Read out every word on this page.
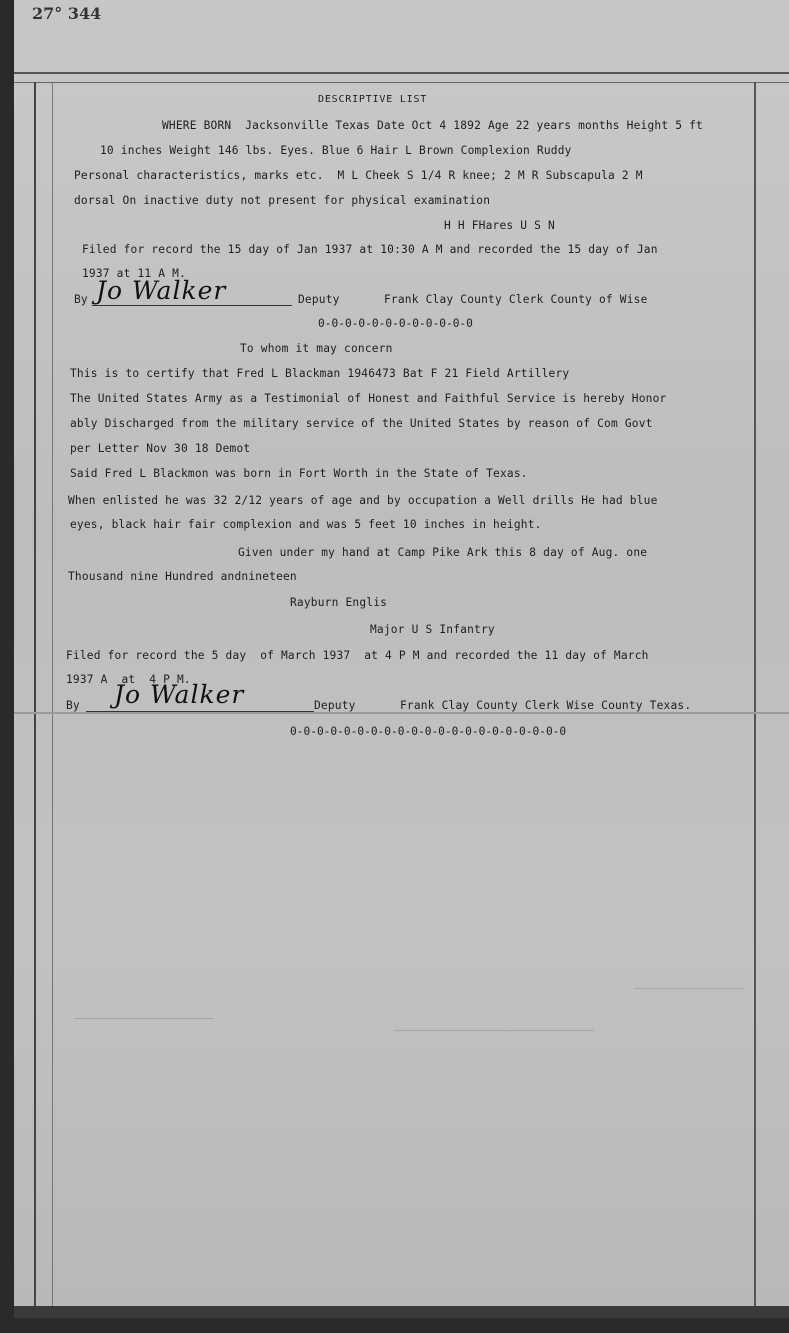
27° 344
DESCRIPTIVE LIST
WHERE BORN  Jacksonville Texas Date Oct 4 1892 Age 22 years months Height 5 ft
10 inches Weight 146 lbs. Eyes. Blue 6 Hair L Brown Complexion Ruddy
Personal characteristics, marks etc.  M L Cheek S 1/4 R knee; 2 M R Subscapula 2 M
dorsal On inactive duty not present for physical examination
H H FHares U S N
Filed for record the 15 day of Jan 1937 at 10:30 A M and recorded the 15 day of Jan
1937 at 11 A M.
By Jo Walker	Deputy	Frank Clay County Clerk County of Wise
0-0-0-0-0-0-0-0-0-0-0-0
To whom it may concern
This is to certify that Fred L Blackman 1946473 Bat F 21 Field Artillery
The United States Army as a Testimonial of Honest and Faithful Service is hereby Honor
ably Discharged from the military service of the United States by reason of Com Govt
per Letter Nov 30 18 Demot
Said Fred L Blackmon was born in Fort Worth in the State of Texas.
When enlisted he was 32 2/12 years of age and by occupation a Well drills He had blue
eyes, black hair fair complexion and was 5 feet 10 inches in height.
Given under my hand at Camp Pike Ark this 8 day of Aug. one
Thousand nine Hundred andnineteen
Rayburn Englis
Major U S Infantry
Filed for record the 5 day  of March 1937  at 4 P M and recorded the 11 day of March
1937 A  at  4 P M.
By Jo Walker	Deputy	Frank Clay County Clerk Wise County Texas.
0-0-0-0-0-0-0-0-0-0-0-0-0-0-0-0-0-0-0-0-0
